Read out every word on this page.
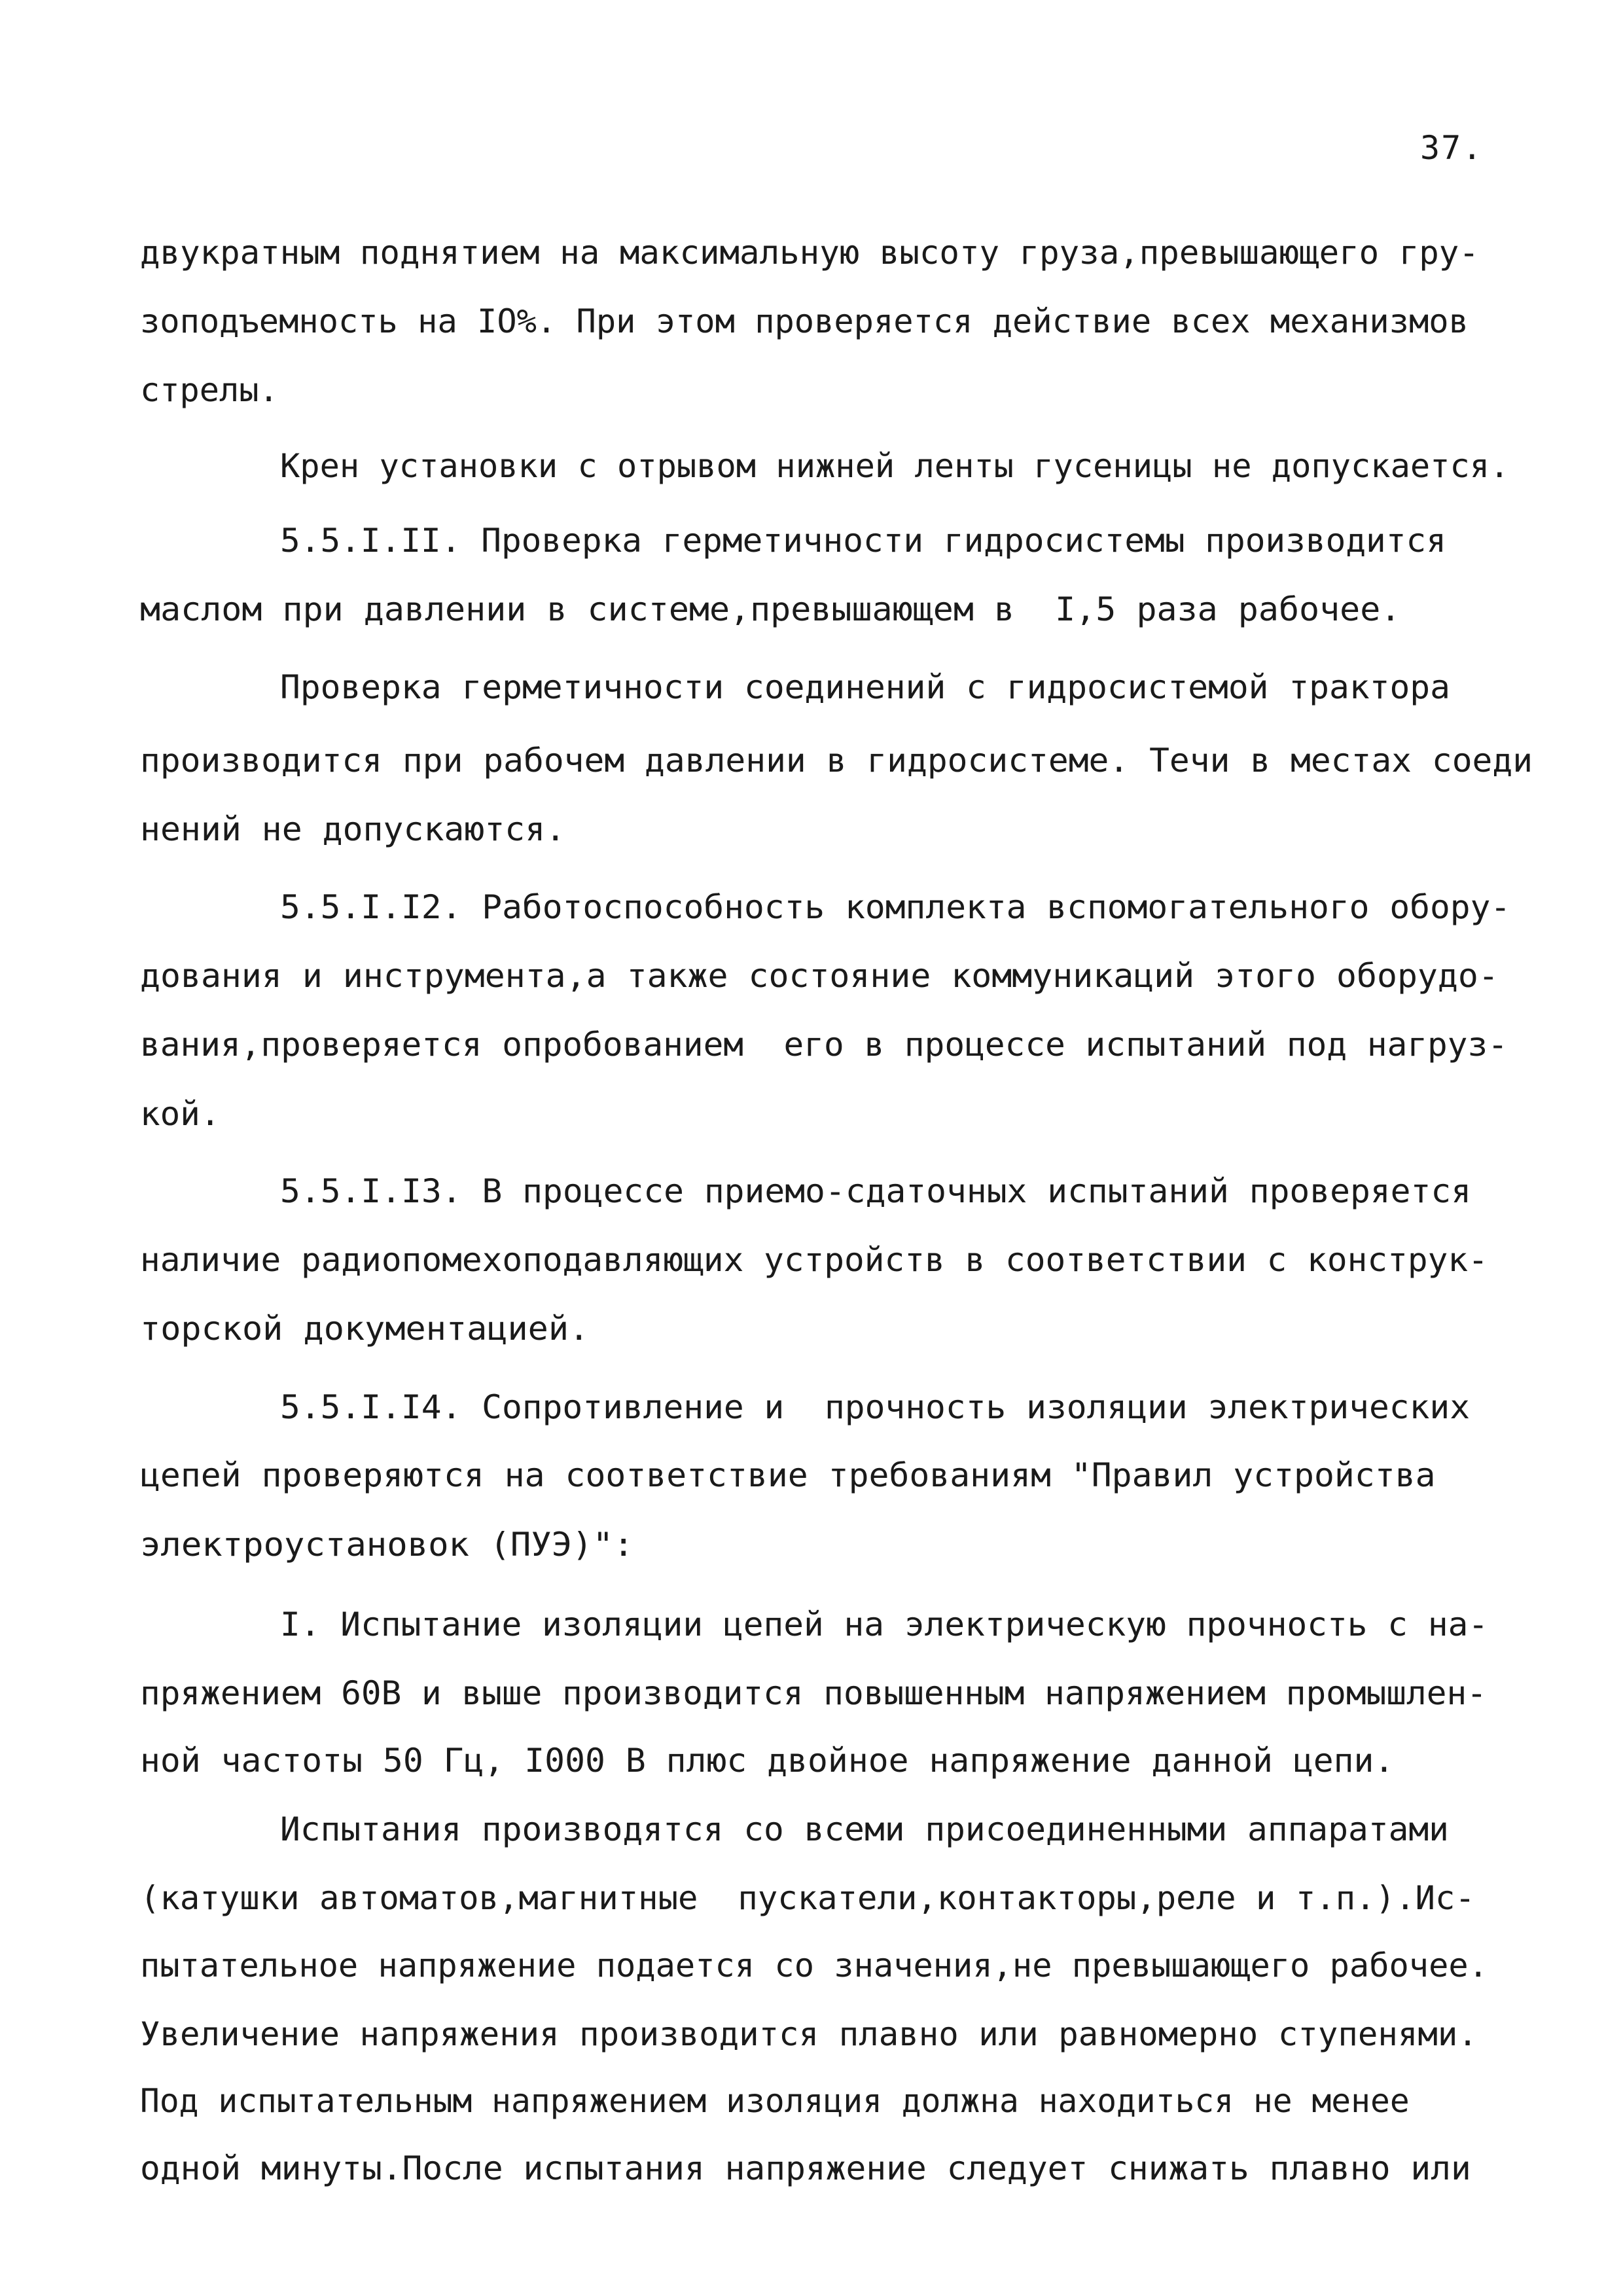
37.
двукратным поднятием на максимальную высоту груза,превышающего гру-
зоподъемность на IO%. При этом проверяется действие всех механизмов
стрелы.
Крен установки с отрывом нижней ленты гусеницы не допускается.
5.5.I.II. Проверка герметичности гидросистемы производится
маслом при давлении в системе,превышающем в  I,5 раза рабочее.
Проверка герметичности соединений с гидросистемой трактора
производится при рабочем давлении в гидросистеме. Течи в местах соеди
нений не допускаются.
5.5.I.I2. Работоспособность комплекта вспомогательного обору-
дования и инструмента,а также состояние коммуникаций этого оборудо-
вания,проверяется опробованием  его в процессе испытаний под нагруз-
кой.
5.5.I.I3. В процессе приемо-сдаточных испытаний проверяется
наличие радиопомехоподавляющих устройств в соответствии с конструк-
торской документацией.
5.5.I.I4. Сопротивление и  прочность изоляции электрических
цепей проверяются на соответствие требованиям "Правил устройства
электроустановок (ПУЭ)":
I. Испытание изоляции цепей на электрическую прочность с на-
пряжением 60В и выше производится повышенным напряжением промышлен-
ной частоты 50 Гц, I000 В плюс двойное напряжение данной цепи.
Испытания производятся со всеми присоединенными аппаратами
(катушки автоматов,магнитные  пускатели,контакторы,реле и т.п.).Ис-
пытательное напряжение подается со значения,не превышающего рабочее.
Увеличение напряжения производится плавно или равномерно ступенями.
Под испытательным напряжением изоляция должна находиться не менее
одной минуты.После испытания напряжение следует снижать плавно или
